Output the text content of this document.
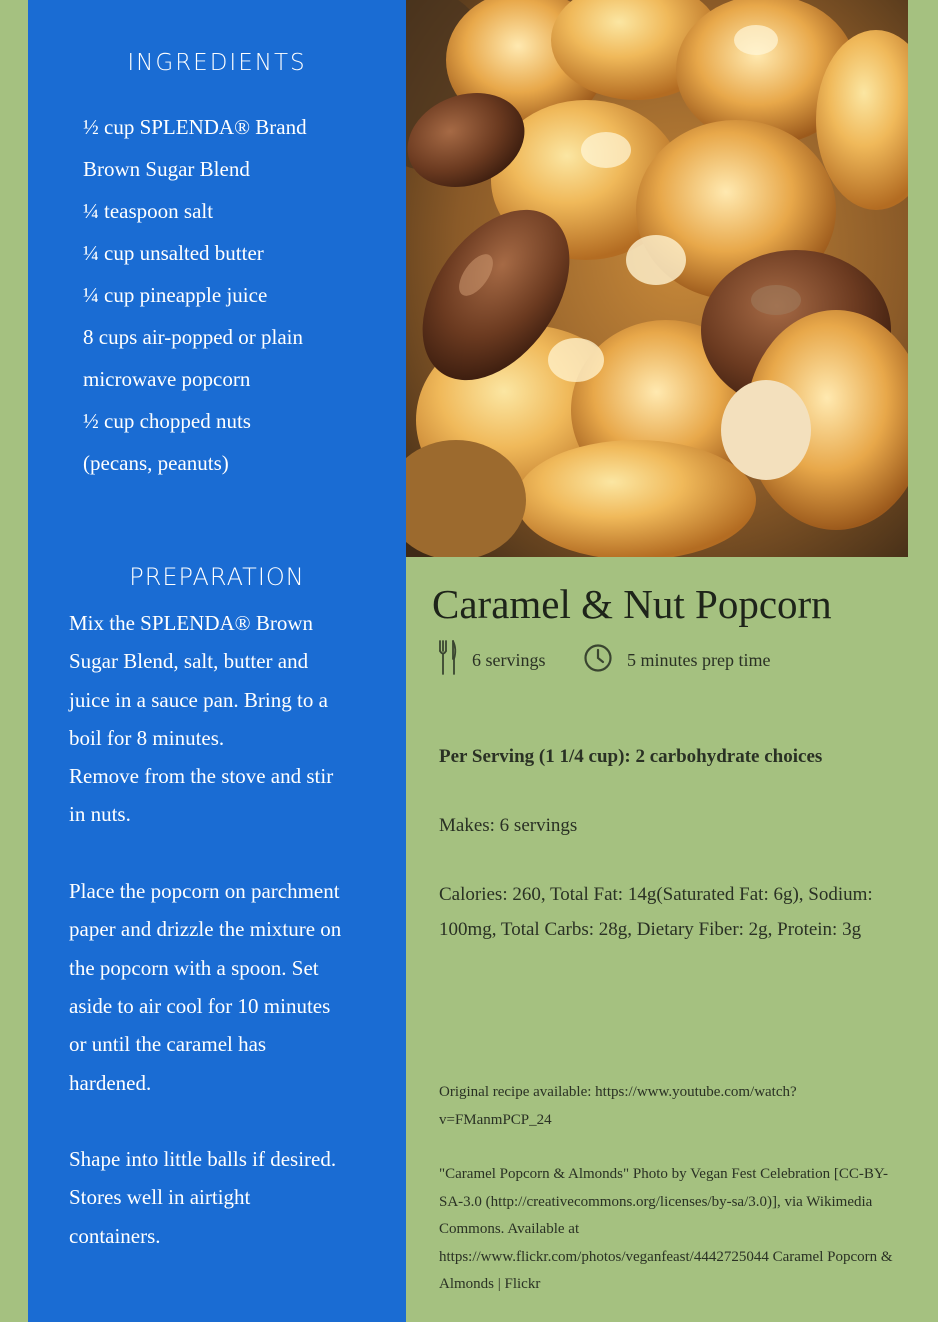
INGREDIENTS
½ cup SPLENDA® Brand
Brown Sugar Blend
¼ teaspoon salt
¼ cup unsalted butter
¼ cup pineapple juice
8 cups air-popped or plain
microwave popcorn
½ cup chopped nuts
(pecans, peanuts)
PREPARATION

Mix the SPLENDA® Brown

Sugar Blend, salt, butter and

juice in a sauce pan. Bring to a

boil for 8 minutes.

Remove from the stove and stir

in nuts.

Place the popcorn on parchment

paper and drizzle the mixture on

the popcorn with a spoon. Set

aside to air cool for 10 minutes

or until the caramel has

hardened.

Shape into little balls if desired.

Stores well in airtight

containers.

Caramel & Nut Popcorn
6 servings	5 minutes prep time
Per Serving (1 1/4 cup): 2 carbohydrate choices
Makes: 6 servings
Calories: 260, Total Fat: 14g(Saturated Fat: 6g), Sodium: 100mg, Total Carbs: 28g, Dietary Fiber: 2g, Protein: 3g
Original recipe available: https://www.youtube.com/watch?v=FManmPCP_24
"Caramel Popcorn & Almonds" Photo by Vegan Fest Celebration [CC-BY-SA-3.0 (http://creativecommons.org/licenses/by-sa/3.0)], via Wikimedia Commons. Available at https://www.flickr.com/photos/veganfeast/4442725044 Caramel Popcorn & Almonds | Flickr
